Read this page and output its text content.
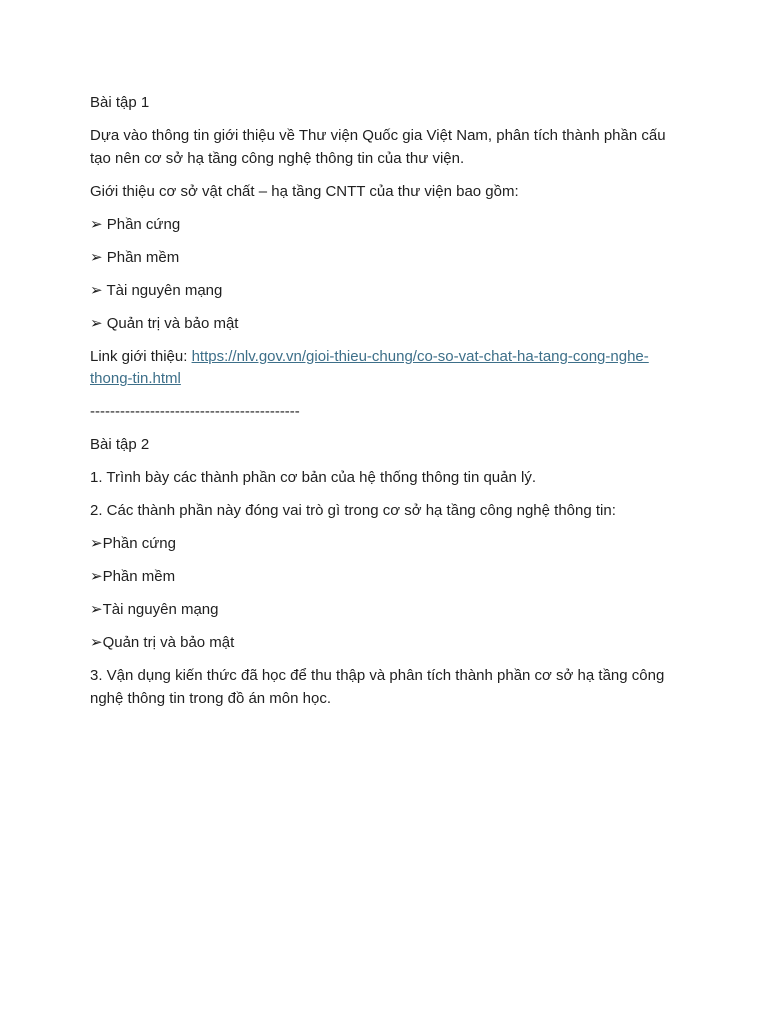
Bài tập 1

Dựa vào thông tin giới thiệu về Thư viện Quốc gia Việt Nam, phân tích thành phần cấu tạo nên cơ sở hạ tầng công nghệ thông tin của thư viện.

Giới thiệu cơ sở vật chất – hạ tầng CNTT của thư viện bao gồm:

➢ Phần cứng

➢ Phần mềm

➢ Tài nguyên mạng

➢ Quản trị và bảo mật

Link giới thiệu: https://nlv.gov.vn/gioi-thieu-chung/co-so-vat-chat-ha-tang-cong-nghe-thong-tin.html

------------------------------------------

Bài tập 2

1. Trình bày các thành phần cơ bản của hệ thống thông tin quản lý.

2. Các thành phần này đóng vai trò gì trong cơ sở hạ tầng công nghệ thông tin:

➢Phần cứng

➢Phần mềm

➢Tài nguyên mạng

➢Quản trị và bảo mật

3. Vận dụng kiến thức đã học để thu thập và phân tích thành phần cơ sở hạ tầng công nghệ thông tin trong đồ án môn học.
